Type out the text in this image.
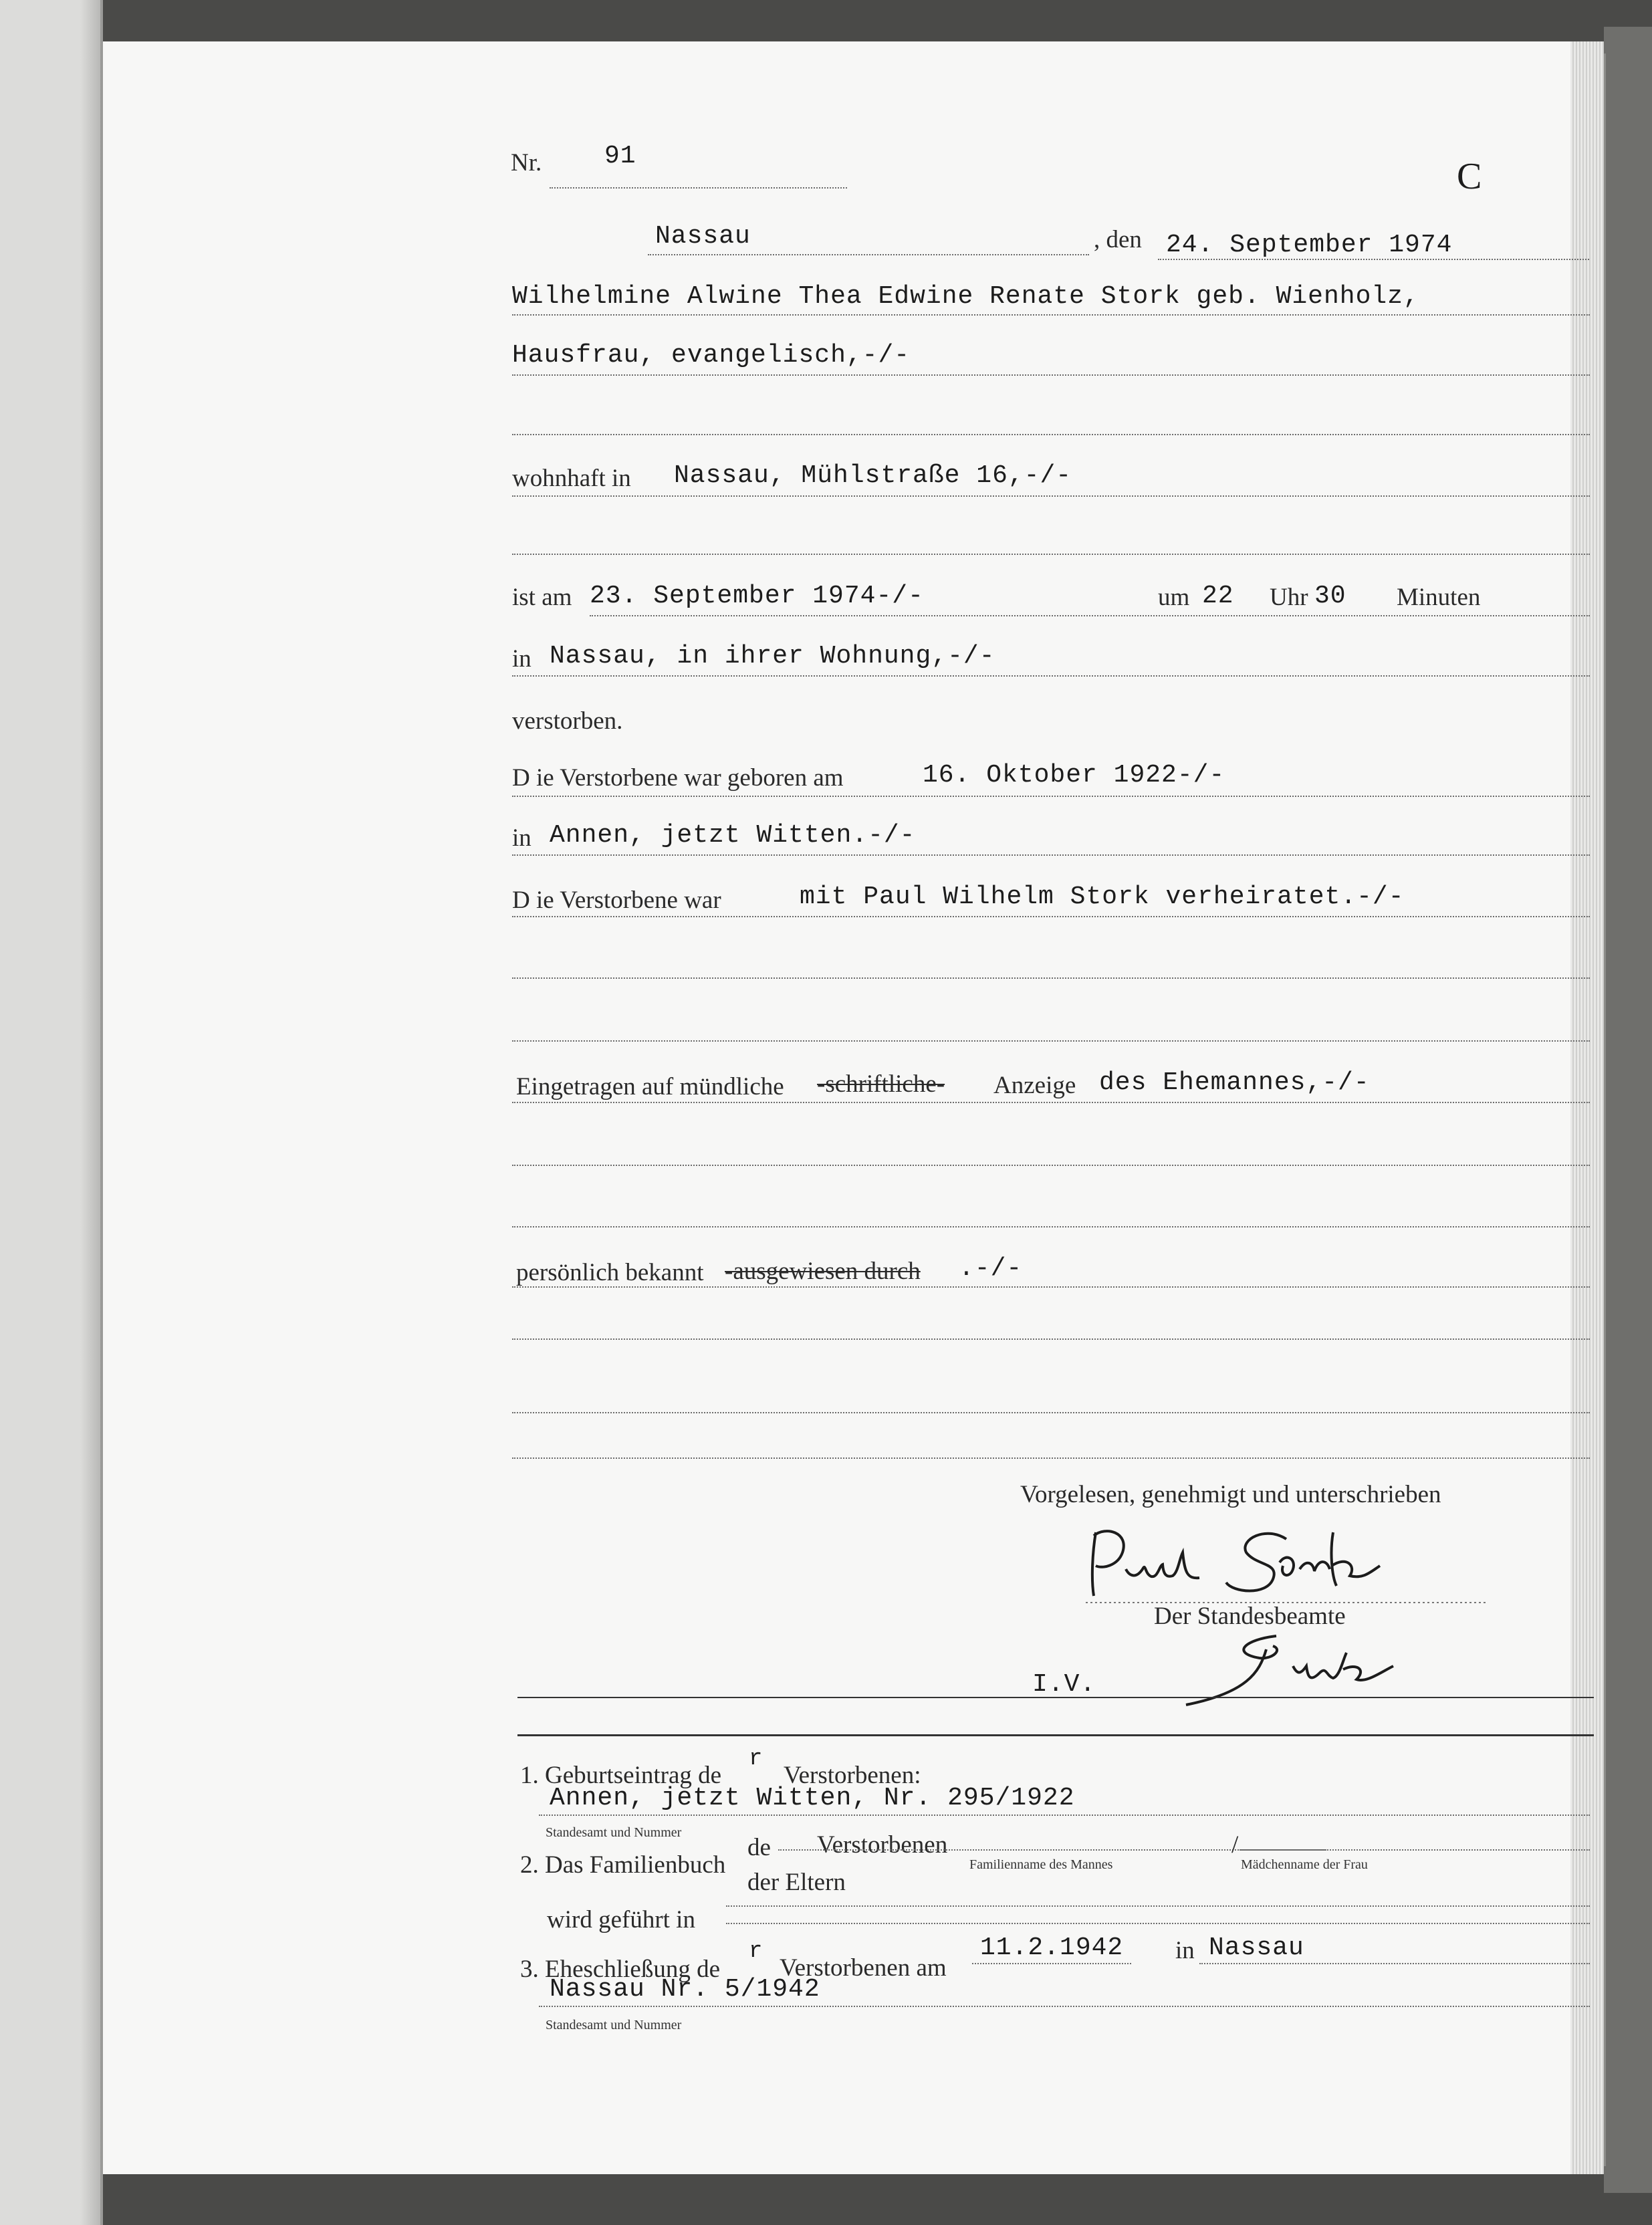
Nr. 91	C
Nassau	, den 24. September 1974
Wilhelmine Alwine Thea Edwine Renate Stork geb. Wienholz,
Hausfrau, evangelisch,-/-
wohnhaft in Nassau, Mühlstraße 16,-/-
ist am 23. September 1974-/-	um 22 Uhr 30 Minuten
in Nassau, in ihrer Wohnung,-/-
verstorben.
D ie Verstorbene war geboren am	16. Oktober 1922-/-
in Annen, jetzt Witten.-/-
D ie Verstorbene war	mit Paul Wilhelm Stork verheiratet.-/-
Eingetragen auf mündliche -schriftliche- Anzeige des Ehemannes,-/-
persönlich bekannt -ausgewiesen durch .-/-
Vorgelesen, genehmigt und unterschrieben
Der Standesbeamte
I.V.
1. Geburtseintrag de
r
Verstorbenen:
Annen, jetzt Witten, Nr. 295/1922
Standesamt und Nummer
2. Das Familienbuch
de Verstorbenen	/
der Eltern
Familienname des Mannes	Mädchenname der Frau
wird geführt in
3. Eheschließung de
r
Verstorbenen am
11.2.1942 in Nassau
Nassau Nr. 5/1942
Standesamt und Nummer
